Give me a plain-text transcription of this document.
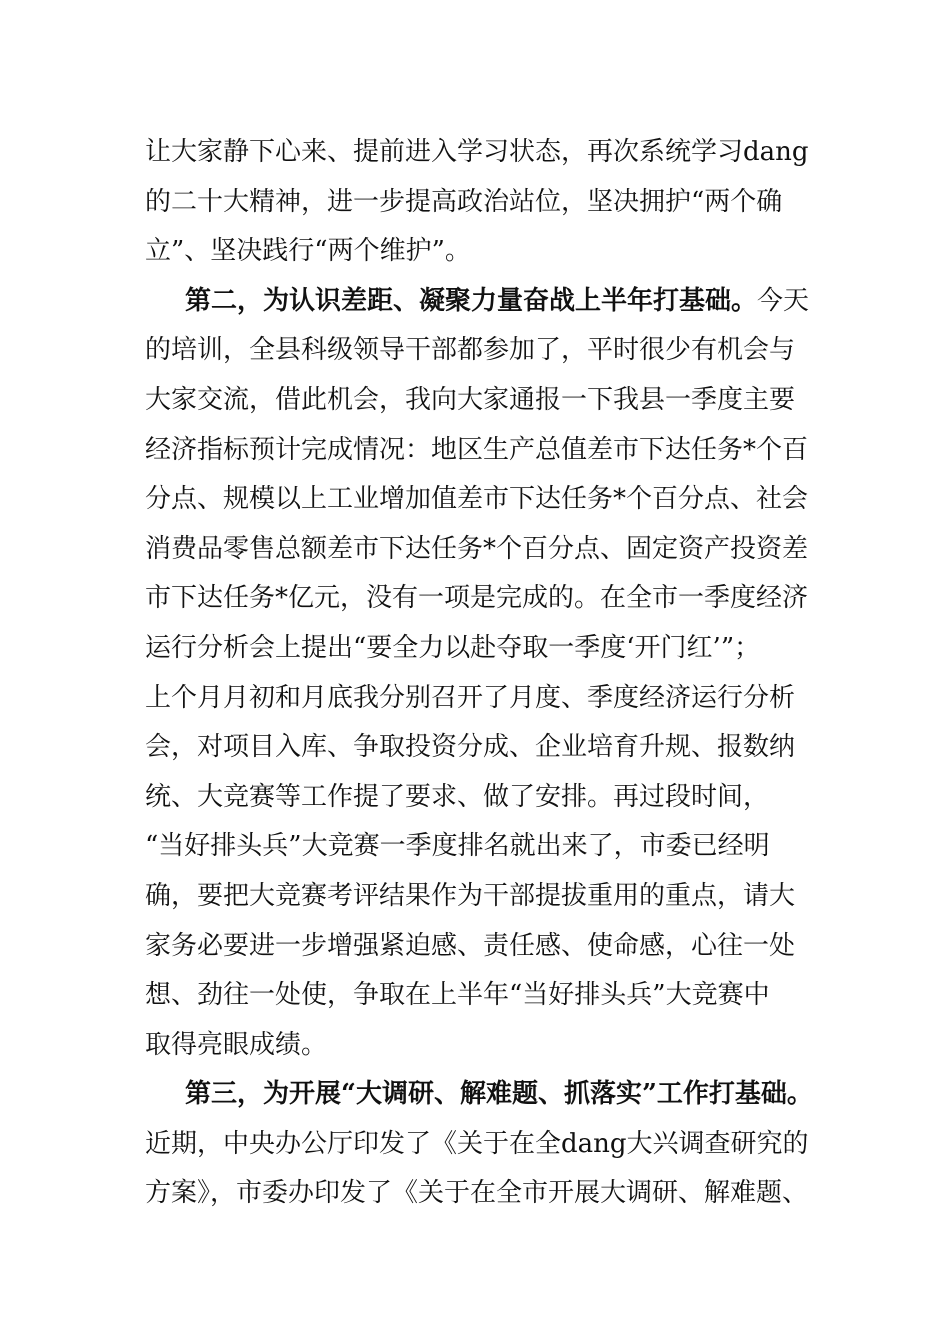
让大家静下心来、提前进入学习状态，再次系统学习dang
的二十大精神，进一步提高政治站位，坚决拥护“两个确
立”、坚决践行“两个维护”。
第二，为认识差距、凝聚力量奋战上半年打基础。今天
的培训，全县科级领导干部都参加了，平时很少有机会与
大家交流，借此机会，我向大家通报一下我县一季度主要
经济指标预计完成情况：地区生产总值差市下达任务*个百
分点、规模以上工业增加值差市下达任务*个百分点、社会
消费品零售总额差市下达任务*个百分点、固定资产投资差
市下达任务*亿元，没有一项是完成的。在全市一季度经济
运行分析会上提出“要全力以赴夺取一季度‘开门红’”；
上个月月初和月底我分别召开了月度、季度经济运行分析
会，对项目入库、争取投资分成、企业培育升规、报数纳
统、大竞赛等工作提了要求、做了安排。再过段时间，
“当好排头兵”大竞赛一季度排名就出来了，市委已经明
确，要把大竞赛考评结果作为干部提拔重用的重点，请大
家务必要进一步增强紧迫感、责任感、使命感，心往一处
想、劲往一处使，争取在上半年“当好排头兵”大竞赛中
取得亮眼成绩。
第三，为开展“大调研、解难题、抓落实”工作打基础。
近期，中央办公厅印发了《关于在全dang大兴调查研究的
方案》，市委办印发了《关于在全市开展大调研、解难题、
